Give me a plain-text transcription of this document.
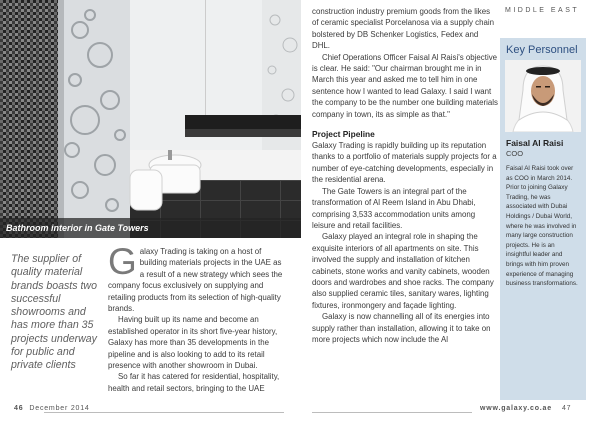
Bathroom interior in Gate Towers
The supplier of quality material brands boasts two successful showrooms and has more than 35 projects underway for public and private clients

Galaxy Trading is taking on a host of building materials projects in the UAE as a result of a new strategy which sees the company focus exclusively on supplying and retailing products from its selection of high-quality brands.

Having built up its name and become an established operator in its short five-year history, Galaxy has more than 35 developments in the pipeline and is also looking to add to its retail presence with another showroom in Dubai.

So far it has catered for residential, hospitality, health and retail sectors, bringing to the UAE

construction industry premium goods from the likes of ceramic specialist Porcelanosa via a supply chain bolstered by DB Schenker Logistics, Fedex and DHL.

Chief Operations Officer Faisal Al Raisi's objective is clear. He said: "Our chairman brought me in in March this year and asked me to tell him in one sentence how I wanted to lead Galaxy. I said I want the company to be the number one building materials company in town, its as simple as that."

Project Pipeline

Galaxy Trading is rapidly building up its reputation thanks to a portfolio of materials supply projects for a number of eye-catching developments, especially in the residential arena.

The Gate Towers is an integral part of the transformation of Al Reem Island in Abu Dhabi, comprising 3,533 accommodation units among leisure and retail facilities.

Galaxy played an integral role in shaping the exquisite interiors of all apartments on site. This involved the supply and installation of kitchen cabinets, stone works and vanity cabinets, wooden doors and wardrobes and shoe racks. The company also supplied ceramic tiles, sanitary wares, lighting fixtures, ironmongery and façade lighting.

Galaxy is now channelling all of its energies into supply rather than installation, allowing it to take on more projects which now include the Al

MIDDLE EAST
Key Personnel
Faisal Al Raisi
COO
Faisal Al Raisi took over as COO in March 2014. Prior to joining Galaxy Trading, he was associated with Dubai Holdings / Dubai World, where he was involved in many large construction projects. He is an insightful leader and brings with him proven experience of managing business transformations.
46 December 2014	www.galaxy.co.ae 47
